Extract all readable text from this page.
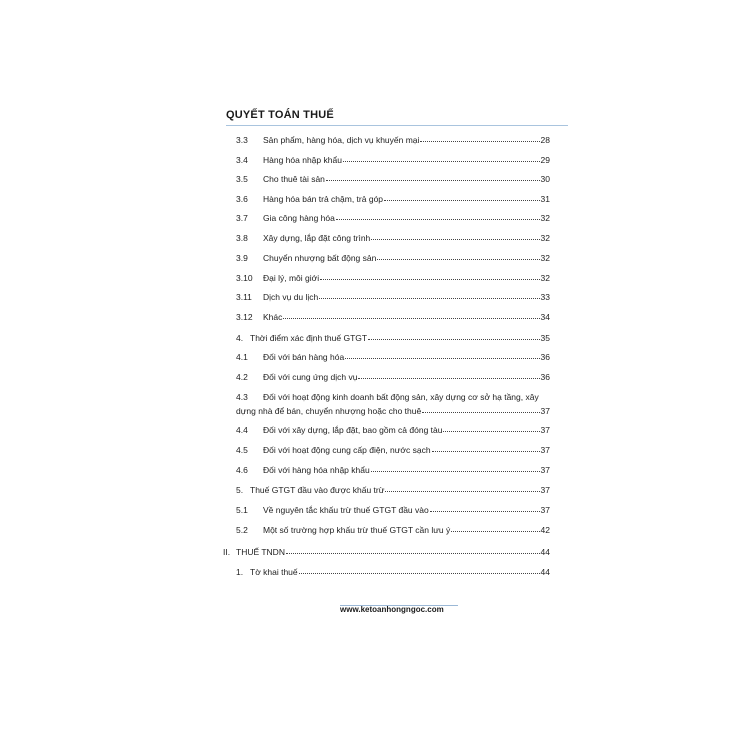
QUYẾT TOÁN THUẾ
3.3 Sản phẩm, hàng hóa, dịch vụ khuyến mại	28
3.4 Hàng hóa nhập khẩu	29
3.5 Cho thuê tài sản	30
3.6 Hàng hóa bán trả chậm, trả góp	31
3.7 Gia công hàng hóa	32
3.8 Xây dựng, lắp đặt công trình	32
3.9 Chuyển nhượng bất động sản	32
3.10 Đại lý, môi giới	32
3.11 Dịch vụ du lịch	33
3.12 Khác	34
4. Thời điểm xác định thuế GTGT	35
4.1 Đối với bán hàng hóa	36
4.2 Đối với cung ứng dịch vụ	36
4.3 Đối với hoạt động kinh doanh bất động sản, xây dựng cơ sở hạ tầng, xây
dựng nhà để bán, chuyển nhượng hoặc cho thuê	37
4.4 Đối với xây dựng, lắp đặt, bao gồm cả đóng tàu	37
4.5 Đối với hoạt động cung cấp điện, nước sạch	37
4.6 Đối với hàng hóa nhập khẩu	37
5. Thuế GTGT đầu vào được khấu trừ	37
5.1 Về nguyên tắc khấu trừ thuế GTGT đầu vào	37
5.2 Một số trường hợp khấu trừ thuế GTGT cần lưu ý	42
II. THUẾ TNDN	44
1. Tờ khai thuế	44
www.ketoanhongngoc.com
